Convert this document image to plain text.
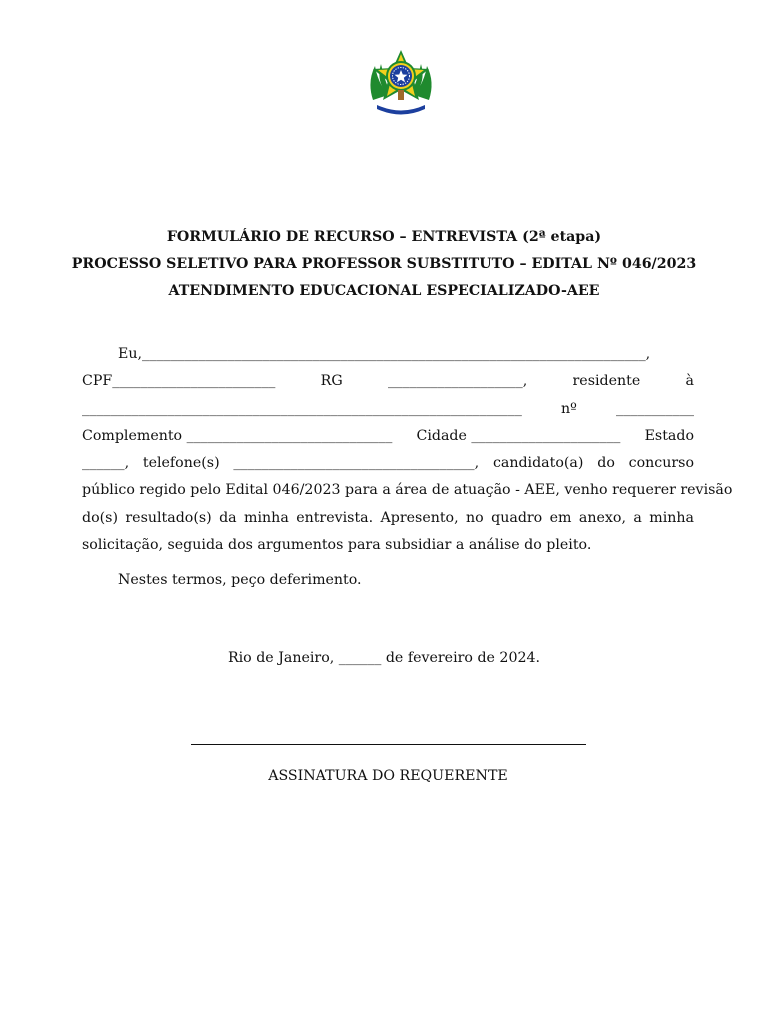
FORMULÁRIO DE RECURSO – ENTREVISTA (2ª etapa)
PROCESSO SELETIVO PARA PROFESSOR SUBSTITUTO – EDITAL Nº 046/2023
ATENDIMENTO EDUCACIONAL ESPECIALIZADO-AEE
Eu,_______________________________________________________________________,
CPF_______________________	RG	___________________,	residente	à
______________________________________________________________	nº	___________
Complemento _____________________________ Cidade _____________________ Estado
______, telefone(s) __________________________________, candidato(a) do concurso
público regido pelo Edital 046/2023 para a área de atuação - AEE, venho requerer revisão
do(s) resultado(s) da minha entrevista. Apresento, no quadro em anexo, a minha
solicitação, seguida dos argumentos para subsidiar a análise do pleito.
Nestes termos, peço deferimento.
Rio de Janeiro, ______ de fevereiro de 2024.
ASSINATURA DO REQUERENTE
